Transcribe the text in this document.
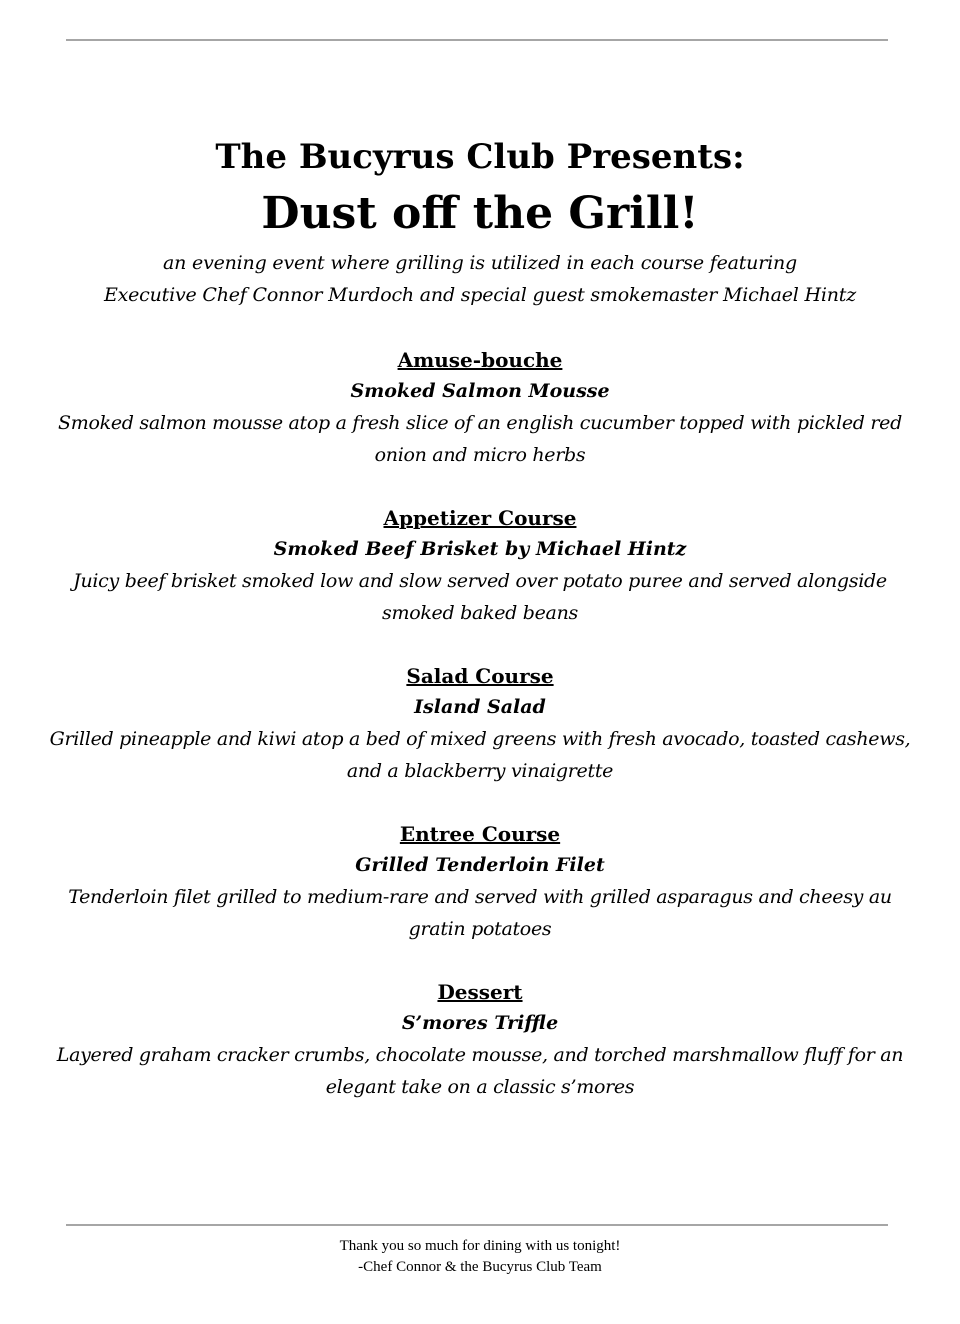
The Bucyrus Club Presents:
Dust off the Grill!

an evening event where grilling is utilized in each course featuring

Executive Chef Connor Murdoch and special guest smokemaster Michael Hintz

Amuse-bouche

Smoked Salmon Mousse

Smoked salmon mousse atop a fresh slice of an english cucumber topped with pickled red onion and micro herbs

Appetizer Course

Smoked Beef Brisket by Michael Hintz

Juicy beef brisket smoked low and slow served over potato puree and served alongside smoked baked beans

Salad Course

Island Salad

Grilled pineapple and kiwi atop a bed of mixed greens with fresh avocado, toasted cashews, and a blackberry vinaigrette

Entree Course

Grilled Tenderloin Filet

Tenderloin filet grilled to medium-rare and served with grilled asparagus and cheesy au gratin potatoes

Dessert

S’mores Triffle

Layered graham cracker crumbs, chocolate mousse, and torched marshmallow fluff for an elegant take on a classic s’mores

Thank you so much for dining with us tonight!

-Chef Connor & the Bucyrus Club Team
